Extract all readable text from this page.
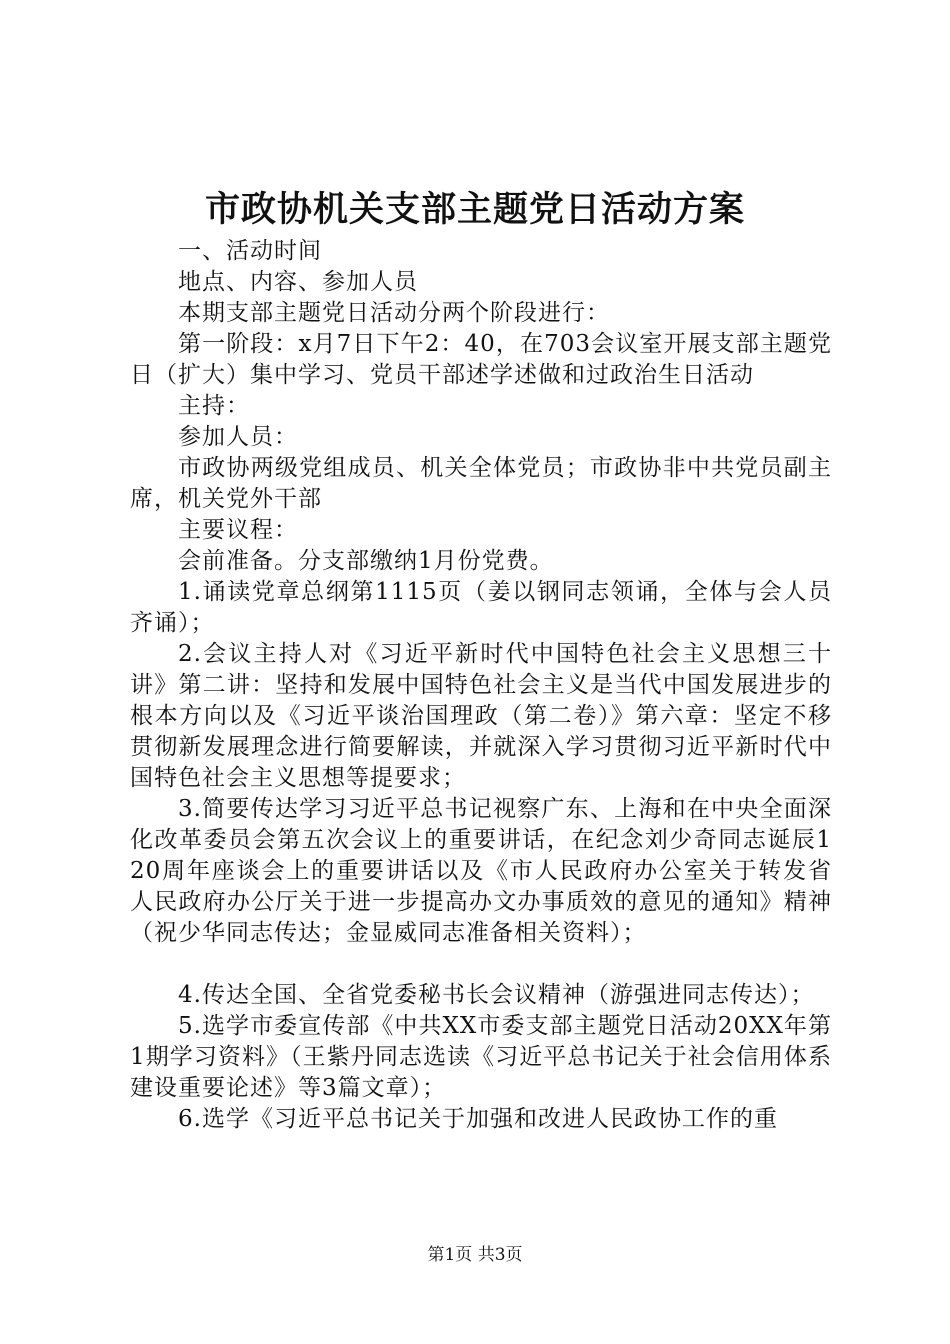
市政协机关支部主题党日活动方案

一、活动时间

地点、内容、参加人员

本期支部主题党日活动分两个阶段进行：

第一阶段：x月7日下午2：40，在703会议室开展支部主题党日（扩大）集中学习、党员干部述学述做和过政治生日活动

主持：

参加人员：

市政协两级党组成员、机关全体党员；市政协非中共党员副主席，机关党外干部

主要议程：

会前准备。分支部缴纳1月份党费。

1.诵读党章总纲第1115页（姜以钢同志领诵，全体与会人员齐诵）；

2.会议主持人对《习近平新时代中国特色社会主义思想三十讲》第二讲：坚持和发展中国特色社会主义是当代中国发展进步的根本方向以及《习近平谈治国理政（第二卷）》第六章：坚定不移贯彻新发展理念进行简要解读，并就深入学习贯彻习近平新时代中国特色社会主义思想等提要求；

3.简要传达学习习近平总书记视察广东、上海和在中央全面深化改革委员会第五次会议上的重要讲话，在纪念刘少奇同志诞辰120周年座谈会上的重要讲话以及《市人民政府办公室关于转发省人民政府办公厅关于进一步提高办文办事质效的意见的通知》精神（祝少华同志传达；金显威同志准备相关资料）；

4.传达全国、全省党委秘书长会议精神（游强进同志传达）；

5.选学市委宣传部《中共XX市委支部主题党日活动20XX年第1期学习资料》（王紫丹同志选读《习近平总书记关于社会信用体系建设重要论述》等3篇文章）；

6.选学《习近平总书记关于加强和改进人民政协工作的重

第1页 共3页
